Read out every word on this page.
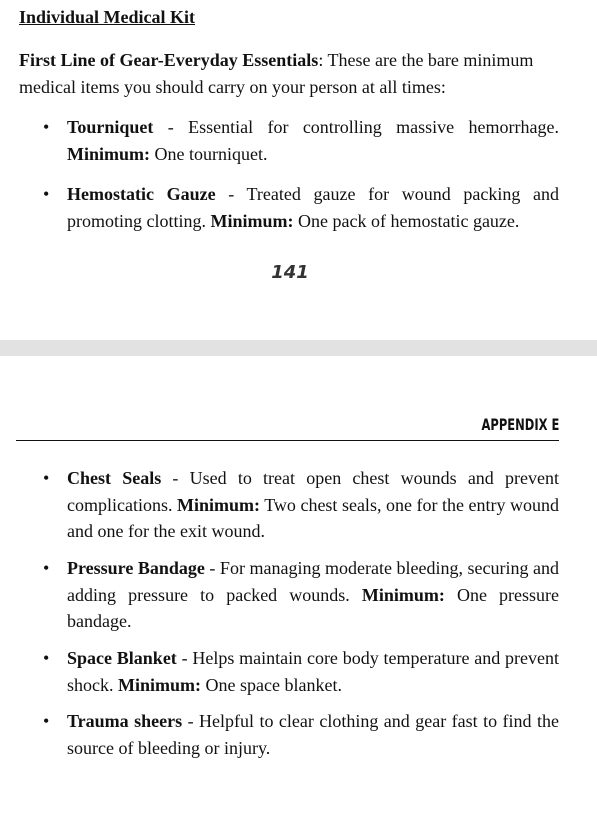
Individual Medical Kit
First Line of Gear-Everyday Essentials: These are the bare minimum medical items you should carry on your person at all times:
• Tourniquet - Essential for controlling massive hemorrhage. Minimum: One tourniquet.
• Hemostatic Gauze - Treated gauze for wound packing and promoting clotting. Minimum: One pack of hemostatic gauze.
141
APPENDIX E
• Chest Seals - Used to treat open chest wounds and prevent complications. Minimum: Two chest seals, one for the entry wound and one for the exit wound.
• Pressure Bandage - For managing moderate bleeding, securing and adding pressure to packed wounds. Minimum: One pressure bandage.
• Space Blanket - Helps maintain core body temperature and prevent shock. Minimum: One space blanket.
• Trauma sheers - Helpful to clear clothing and gear fast to find the source of bleeding or injury.
